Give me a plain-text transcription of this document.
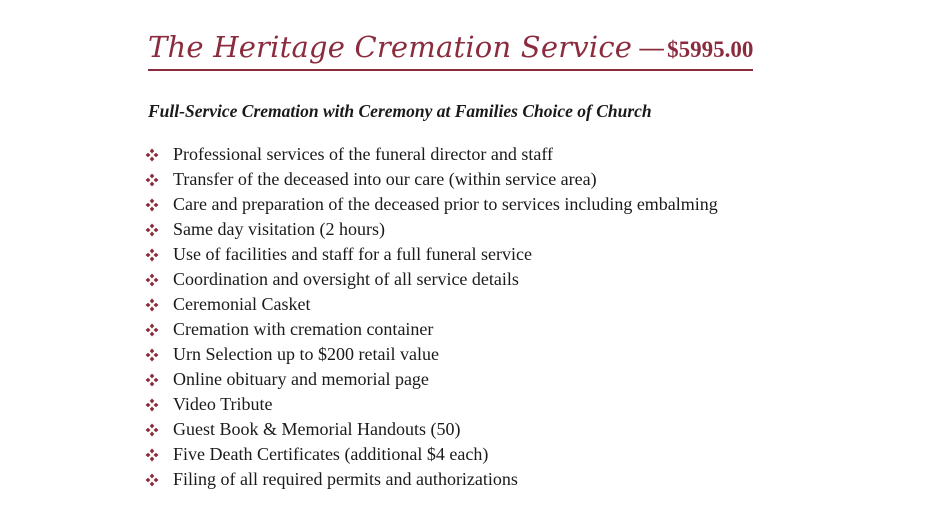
The Heritage Cremation Service —$5995.00
Full-Service Cremation with Ceremony at Families Choice of Church
Professional services of the funeral director and staff
Transfer of the deceased into our care (within service area)
Care and preparation of the deceased prior to services including embalming
Same day visitation (2 hours)
Use of facilities and staff for a full funeral service
Coordination and oversight of all service details
Ceremonial Casket
Cremation with cremation container
Urn Selection up to $200 retail value
Online obituary and memorial page
Video Tribute
Guest Book & Memorial Handouts (50)
Five Death Certificates (additional $4 each)
Filing of all required permits and authorizations
